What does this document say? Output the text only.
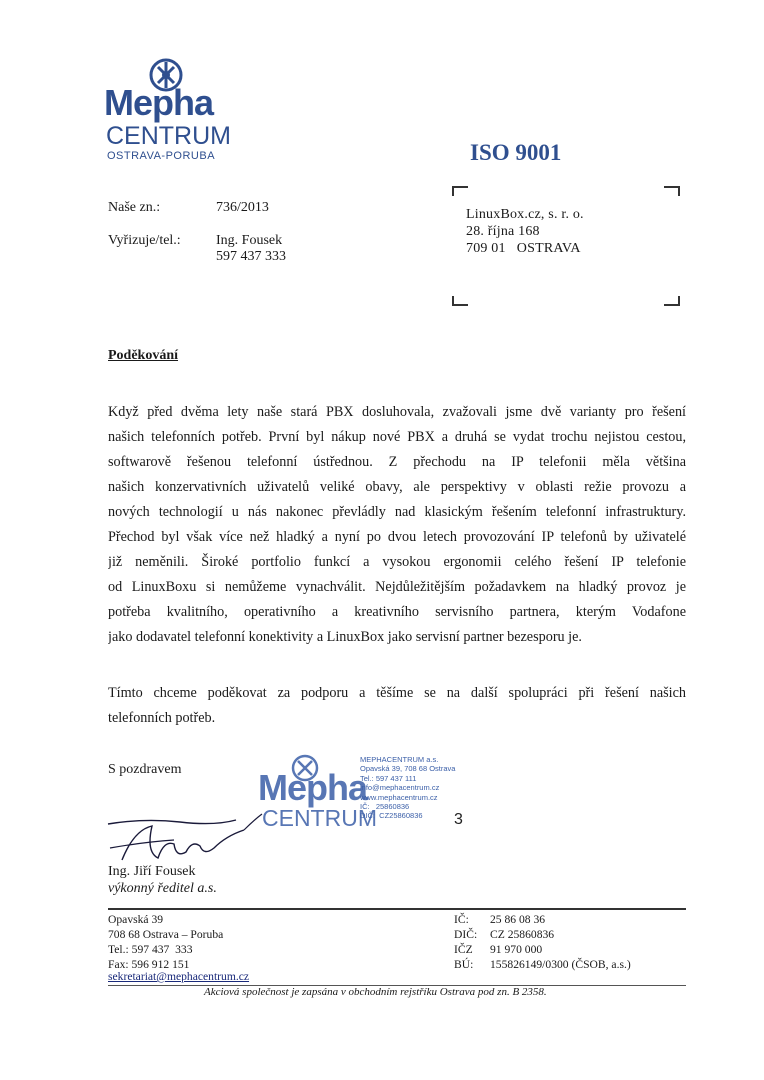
Mepha
CENTRUM
OSTRAVA-PORUBA	ISO 9001
Naše zn.:	736/2013
Vyřizuje/tel.:	Ing. Fousek
597 437 333
LinuxBox.cz, s. r. o.
28. října 168
709 01   OSTRAVA
Poděkování
Když před dvěma lety naše stará PBX dosluhovala, zvažovali jsme dvě varianty pro řešení
našich telefonních potřeb. První byl nákup nové PBX a druhá se vydat trochu nejistou cestou,
softwarově řešenou telefonní ústřednou. Z přechodu na IP telefonii měla většina
našich konzervativních uživatelů veliké obavy, ale perspektivy v oblasti režie provozu a
nových technologií u nás nakonec převládly nad klasickým řešením telefonní infrastruktury.
Přechod byl však více než hladký a nyní po dvou letech provozování IP telefonů by uživatelé
již neměnili. Široké portfolio funkcí a vysokou ergonomii celého řešení IP telefonie
od LinuxBoxu si nemůžeme vynachválit. Nejdůležitějším požadavkem na hladký provoz je
potřeba kvalitního, operativního a kreativního servisního partnera, kterým Vodafone
jako dodavatel telefonní konektivity a LinuxBox jako servisní partner bezesporu je.
Tímto chceme poděkovat za podporu a těšíme se na další spolupráci při řešení našich
telefonních potřeb.
S pozdravem Mepha
CENTRUM
MEPHACENTRUM a.s.
Opavská 39, 708 68 Ostrava
Tel.: 597 437 111
info@mephacentrum.cz
www.mephacentrum.cz
IČ:   25860836
DIČ:  CZ25860836	3
Ing. Jiří Fousek
výkonný ředitel a.s.
Opavská 39
708 68 Ostrava – Poruba
Tel.: 597 437  333
Fax: 596 912 151
sekretariat@mephacentrum.cz
IČ:	25 86 08 36
DIČ:	CZ 25860836
IČZ	91 970 000
BÚ:	155826149/0300 (ČSOB, a.s.)
Akciová společnost je zapsána v obchodním rejstříku Ostrava pod zn. B 2358.
